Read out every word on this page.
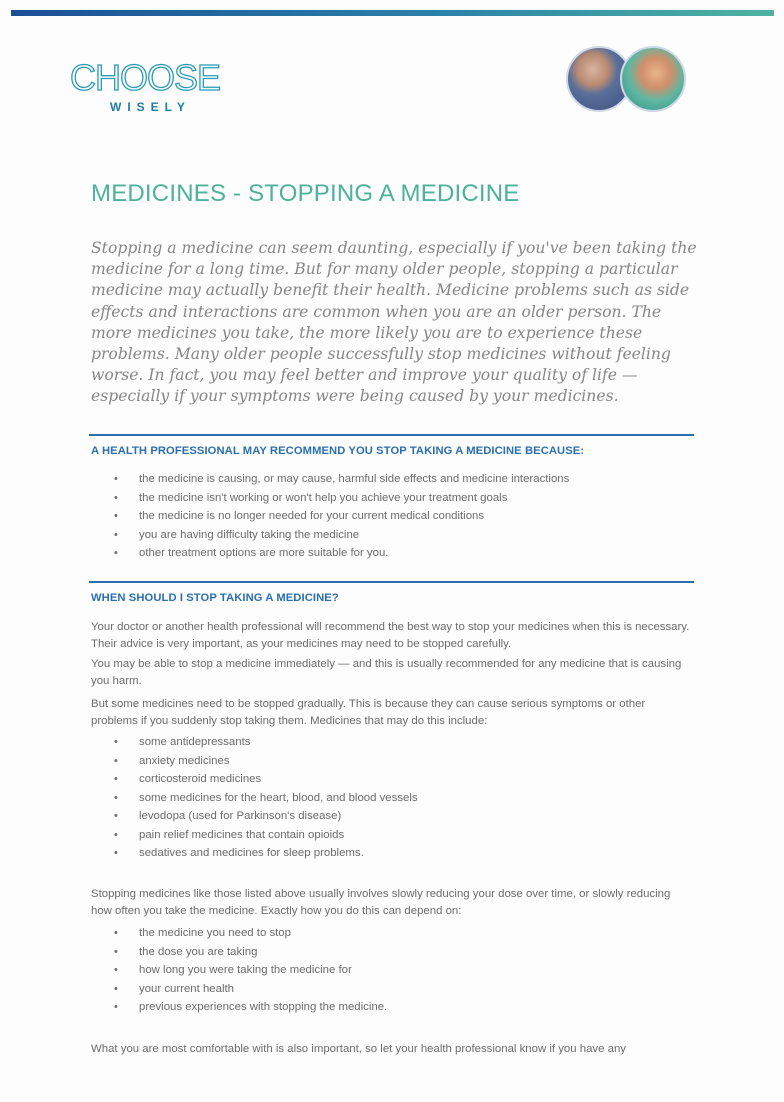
CHOOSE
WISELY
MEDICINES - STOPPING A MEDICINE

Stopping a medicine can seem daunting, especially if you've been taking the medicine for a long time. But for many older people, stopping a particular medicine may actually benefit their health. Medicine problems such as side effects and interactions are common when you are an older person. The more medicines you take, the more likely you are to experience these problems. Many older people successfully stop medicines without feeling worse. In fact, you may feel better and improve your quality of life — especially if your symptoms were being caused by your medicines.

A HEALTH PROFESSIONAL MAY RECOMMEND YOU STOP TAKING A MEDICINE BECAUSE:
• the medicine is causing, or may cause, harmful side effects and medicine interactions
• the medicine isn't working or won't help you achieve your treatment goals
• the medicine is no longer needed for your current medical conditions
• you are having difficulty taking the medicine
• other treatment options are more suitable for you.
WHEN SHOULD I STOP TAKING A MEDICINE?

Your doctor or another health professional will recommend the best way to stop your medicines when this is necessary. Their advice is very important, as your medicines may need to be stopped carefully.

You may be able to stop a medicine immediately — and this is usually recommended for any medicine that is causing you harm.

But some medicines need to be stopped gradually. This is because they can cause serious symptoms or other problems if you suddenly stop taking them. Medicines that may do this include:

• some antidepressants
• anxiety medicines
• corticosteroid medicines
• some medicines for the heart, blood, and blood vessels
• levodopa (used for Parkinson's disease)
• pain relief medicines that contain opioids
• sedatives and medicines for sleep problems.

Stopping medicines like those listed above usually involves slowly reducing your dose over time, or slowly reducing how often you take the medicine. Exactly how you do this can depend on:

• the medicine you need to stop
• the dose you are taking
• how long you were taking the medicine for
• your current health
• previous experiences with stopping the medicine.

What you are most comfortable with is also important, so let your health professional know if you have any
